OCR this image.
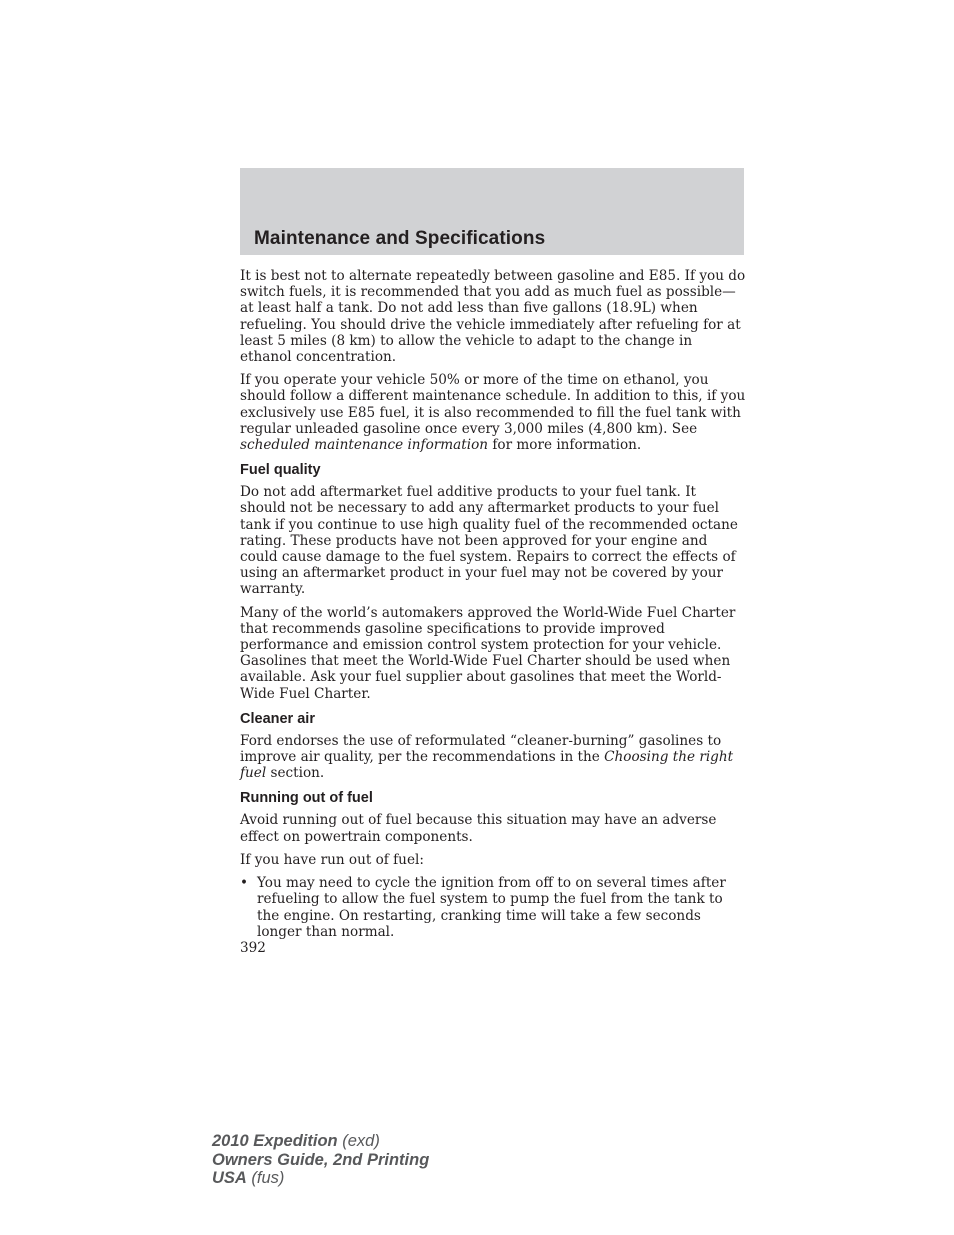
Maintenance and Specifications

It is best not to alternate repeatedly between gasoline and E85. If you do switch fuels, it is recommended that you add as much fuel as possible—at least half a tank. Do not add less than five gallons (18.9L) when refueling. You should drive the vehicle immediately after refueling for at least 5 miles (8 km) to allow the vehicle to adapt to the change in ethanol concentration.

If you operate your vehicle 50% or more of the time on ethanol, you should follow a different maintenance schedule. In addition to this, if you exclusively use E85 fuel, it is also recommended to fill the fuel tank with regular unleaded gasoline once every 3,000 miles (4,800 km). See scheduled maintenance information for more information.

Fuel quality

Do not add aftermarket fuel additive products to your fuel tank. It should not be necessary to add any aftermarket products to your fuel tank if you continue to use high quality fuel of the recommended octane rating. These products have not been approved for your engine and could cause damage to the fuel system. Repairs to correct the effects of using an aftermarket product in your fuel may not be covered by your warranty.

Many of the world’s automakers approved the World-Wide Fuel Charter that recommends gasoline specifications to provide improved performance and emission control system protection for your vehicle. Gasolines that meet the World-Wide Fuel Charter should be used when available. Ask your fuel supplier about gasolines that meet the World-Wide Fuel Charter.

Cleaner air

Ford endorses the use of reformulated “cleaner-burning” gasolines to improve air quality, per the recommendations in the Choosing the right fuel section.

Running out of fuel

Avoid running out of fuel because this situation may have an adverse effect on powertrain components.

If you have run out of fuel:

• You may need to cycle the ignition from off to on several times after refueling to allow the fuel system to pump the fuel from the tank to the engine. On restarting, cranking time will take a few seconds longer than normal.

392

2010 Expedition (exd)
Owners Guide, 2nd Printing
USA (fus)
